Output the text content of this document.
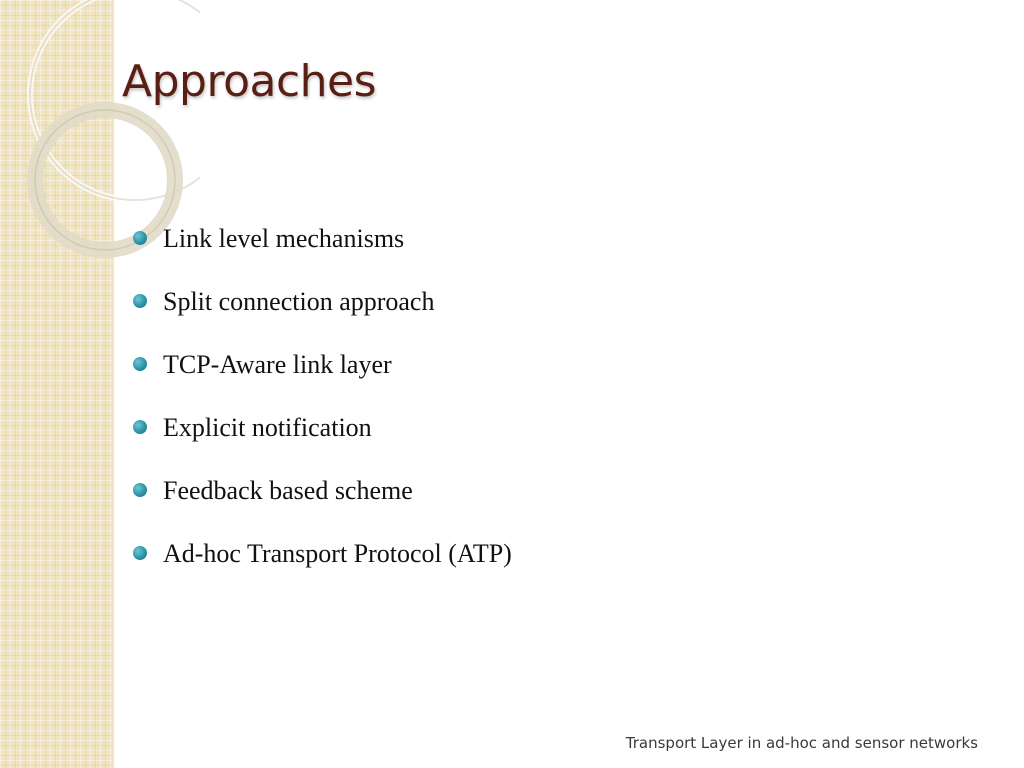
Approaches
Link level mechanisms
Split connection approach
TCP-Aware link layer
Explicit notification
Feedback based scheme
Ad-hoc Transport Protocol (ATP)
Transport Layer in ad-hoc and sensor networks
